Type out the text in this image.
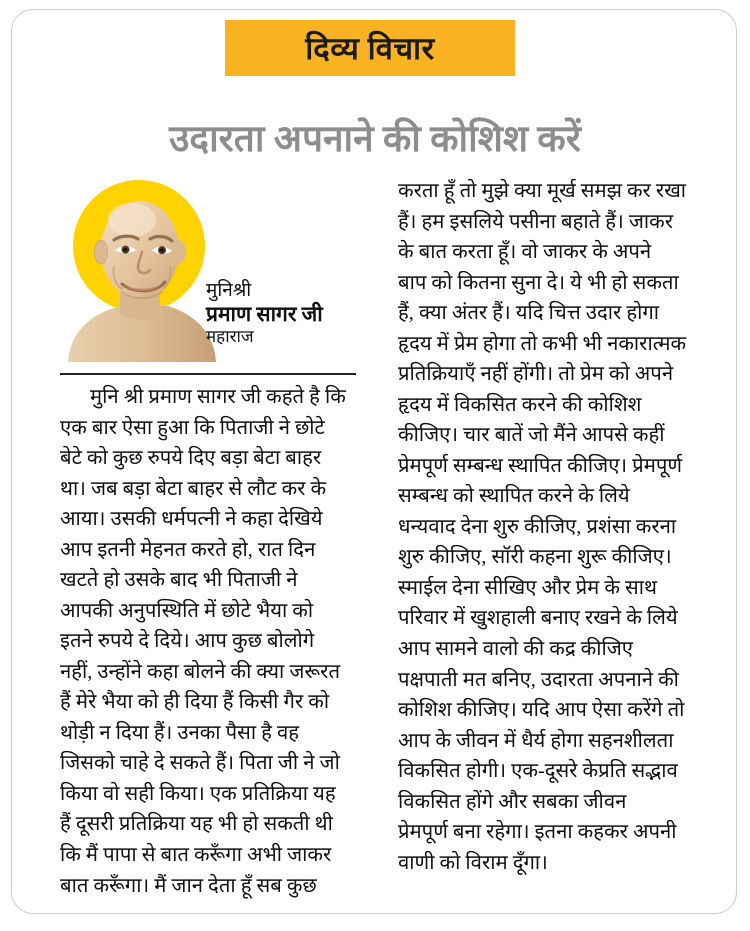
दिव्य विचार
उदारता अपनाने की कोशिश करें
मुनिश्री
प्रमाण सागर जी
महाराज
मुनि श्री प्रमाण सागर जी कहते है कि
एक बार ऐसा हुआ कि पिताजी ने छोटे
बेटे को कुछ रुपये दिए बड़ा बेटा बाहर
था। जब बड़ा बेटा बाहर से लौट कर के
आया। उसकी धर्मपत्नी ने कहा देखिये
आप इतनी मेहनत करते हो, रात दिन
खटते हो उसके बाद भी पिताजी ने
आपकी अनुपस्थिति में छोटे भैया को
इतने रुपये दे दिये। आप कुछ बोलोगे
नहीं, उन्होंने कहा बोलने की क्या जरूरत
हैं मेरे भैया को ही दिया हैं किसी गैर को
थोड़ी न दिया हैं। उनका पैसा है वह
जिसको चाहे दे सकते हैं। पिता जी ने जो
किया वो सही किया। एक प्रतिक्रिया यह
हैं दूसरी प्रतिक्रिया यह भी हो सकती थी
कि मैं पापा से बात करूँगा अभी जाकर
बात करूँगा। मैं जान देता हूँ सब कुछ
करता हूँ तो मुझे क्या मूर्ख समझ कर रखा
हैं। हम इसलिये पसीना बहाते हैं। जाकर
के बात करता हूँ। वो जाकर के अपने
बाप को कितना सुना दे। ये भी हो सकता
हैं, क्या अंतर हैं। यदि चित्त उदार होगा
हृदय में प्रेम होगा तो कभी भी नकारात्मक
प्रतिक्रियाएँ नहीं होंगी। तो प्रेम को अपने
हृदय में विकसित करने की कोशिश
कीजिए। चार बातें जो मैंने आपसे कहीं
प्रेमपूर्ण सम्बन्ध स्थापित कीजिए। प्रेमपूर्ण
सम्बन्ध को स्थापित करने के लिये
धन्यवाद देना शुरु कीजिए, प्रशंसा करना
शुरु कीजिए, सॉरी कहना शुरू कीजिए।
स्माईल देना सीखिए और प्रेम के साथ
परिवार में खुशहाली बनाए रखने के लिये
आप सामने वालो की कद्र कीजिए
पक्षपाती मत बनिए, उदारता अपनाने की
कोशिश कीजिए। यदि आप ऐसा करेंगे तो
आप के जीवन में धैर्य होगा सहनशीलता
विकसित होगी। एक-दूसरे केप्रति सद्भाव
विकसित होंगे और सबका जीवन
प्रेमपूर्ण बना रहेगा। इतना कहकर अपनी
वाणी को विराम दूँगा।
